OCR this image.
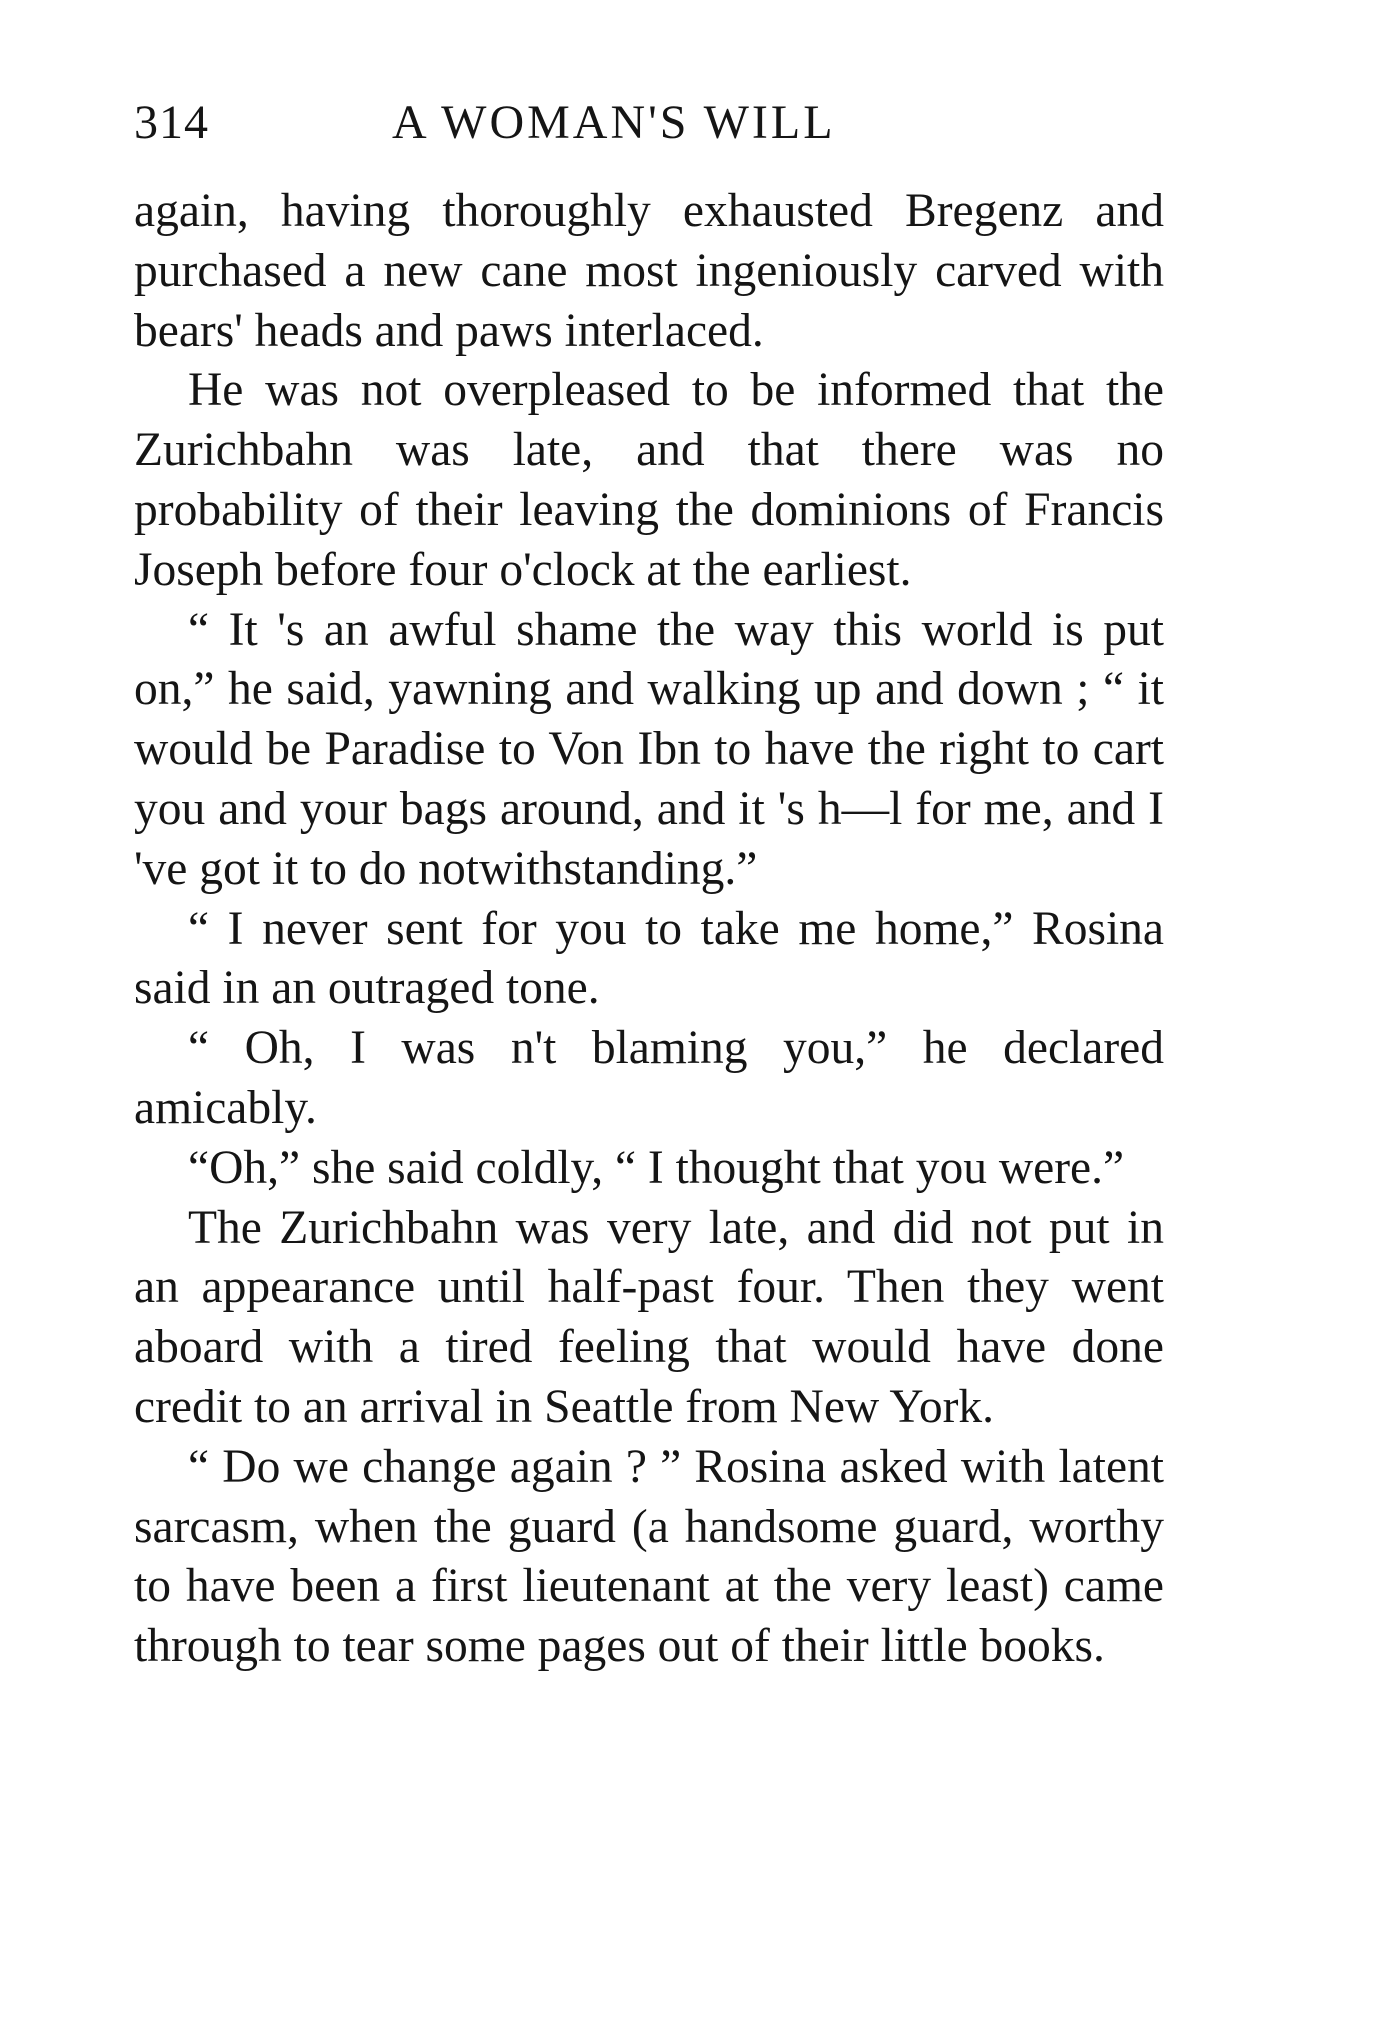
314	A WOMAN'S WILL

again, having thoroughly exhausted Bregenz and purchased a new cane most ingeniously carved with bears' heads and paws interlaced.

He was not overpleased to be informed that the Zurichbahn was late, and that there was no probability of their leaving the dominions of Francis Joseph before four o'clock at the earliest.

“ It 's an awful shame the way this world is put on,” he said, yawning and walking up and down ; “ it would be Paradise to Von Ibn to have the right to cart you and your bags around, and it 's h—l for me, and I 've got it to do notwithstanding.”

“ I never sent for you to take me home,” Rosina said in an outraged tone.

“ Oh, I was n't blaming you,” he declared amicably.

“Oh,” she said coldly, “ I thought that you were.”

The Zurichbahn was very late, and did not put in an appearance until half-past four. Then they went aboard with a tired feeling that would have done credit to an arrival in Seattle from New York.

“ Do we change again ? ” Rosina asked with latent sarcasm, when the guard (a handsome guard, worthy to have been a first lieutenant at the very least) came through to tear some pages out of their little books.
